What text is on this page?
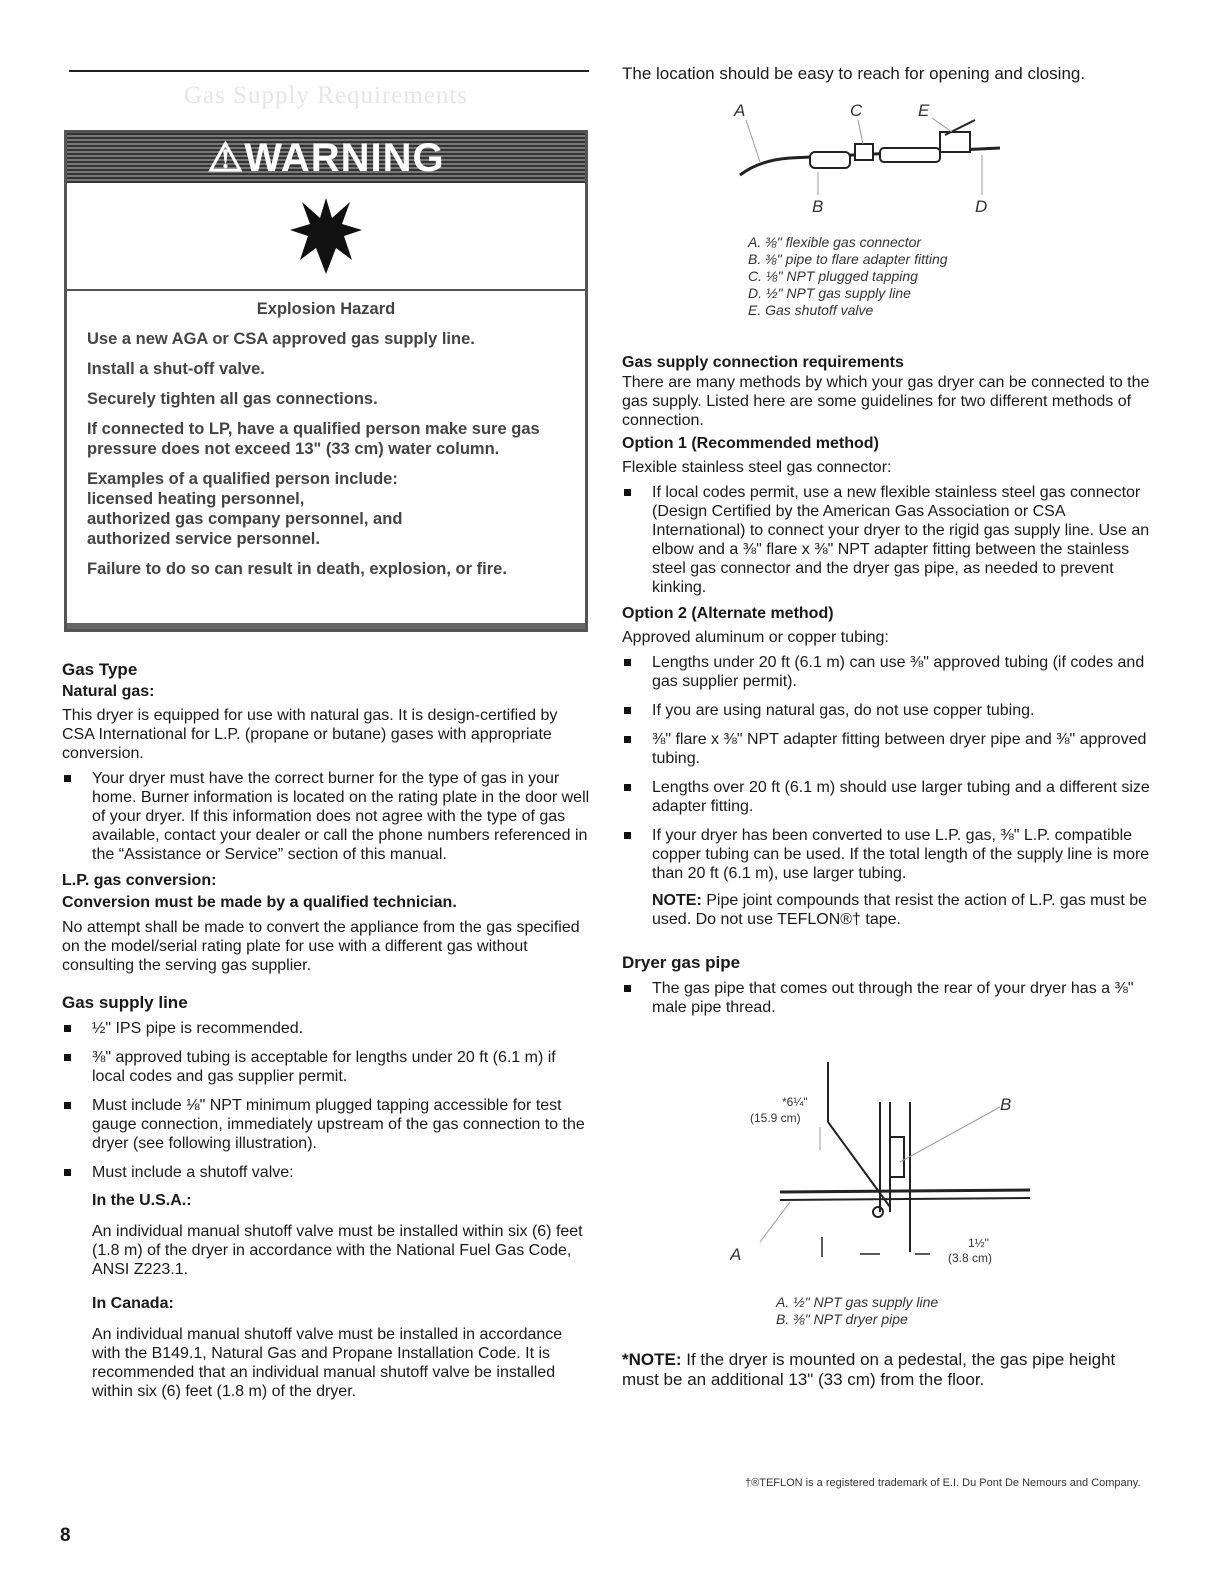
Gas Supply Requirements
⚠WARNING

Explosion Hazard

Use a new AGA or CSA approved gas supply line.

Install a shut-off valve.

Securely tighten all gas connections.

If connected to LP, have a qualified person make sure gas pressure does not exceed 13" (33 cm) water column.

Examples of a qualified person include:

licensed heating personnel,

authorized gas company personnel, and

authorized service personnel.

Failure to do so can result in death, explosion, or fire.

Gas Type
Natural gas:

This dryer is equipped for use with natural gas. It is design-certified by CSA International for L.P. (propane or butane) gases with appropriate conversion.

Your dryer must have the correct burner for the type of gas in your home. Burner information is located on the rating plate in the door well of your dryer. If this information does not agree with the type of gas available, contact your dealer or call the phone numbers referenced in the “Assistance or Service” section of this manual.
L.P. gas conversion:
Conversion must be made by a qualified technician.

No attempt shall be made to convert the appliance from the gas specified on the model/serial rating plate for use with a different gas without consulting the serving gas supplier.

Gas supply line
½" IPS pipe is recommended.
⅜" approved tubing is acceptable for lengths under 20 ft (6.1 m) if local codes and gas supplier permit.
Must include ⅛" NPT minimum plugged tapping accessible for test gauge connection, immediately upstream of the gas connection to the dryer (see following illustration).
Must include a shutoff valve:
In the U.S.A.:

An individual manual shutoff valve must be installed within six (6) feet (1.8 m) of the dryer in accordance with the National Fuel Gas Code, ANSI Z223.1.

In Canada:

An individual manual shutoff valve must be installed in accordance with the B149.1, Natural Gas and Propane Installation Code. It is recommended that an individual manual shutoff valve be installed within six (6) feet (1.8 m) of the dryer.

The location should be easy to reach for opening and closing.

A	C	E
B	D
A. ⅜" flexible gas connector
B. ⅜" pipe to flare adapter fitting
C. ⅛" NPT plugged tapping
D. ½" NPT gas supply line
E. Gas shutoff valve
Gas supply connection requirements

There are many methods by which your gas dryer can be connected to the gas supply. Listed here are some guidelines for two different methods of connection.

Option 1 (Recommended method)

Flexible stainless steel gas connector:

If local codes permit, use a new flexible stainless steel gas connector (Design Certified by the American Gas Association or CSA International) to connect your dryer to the rigid gas supply line. Use an elbow and a ⅜" flare x ⅜" NPT adapter fitting between the stainless steel gas connector and the dryer gas pipe, as needed to prevent kinking.
Option 2 (Alternate method)

Approved aluminum or copper tubing:

Lengths under 20 ft (6.1 m) can use ⅜" approved tubing (if codes and gas supplier permit).
If you are using natural gas, do not use copper tubing.
⅜" flare x ⅜" NPT adapter fitting between dryer pipe and ⅜" approved tubing.
Lengths over 20 ft (6.1 m) should use larger tubing and a different size adapter fitting.
If your dryer has been converted to use L.P. gas, ⅜" L.P. compatible copper tubing can be used. If the total length of the supply line is more than 20 ft (6.1 m), use larger tubing.

NOTE: Pipe joint compounds that resist the action of L.P. gas must be used. Do not use TEFLON®† tape.

Dryer gas pipe
The gas pipe that comes out through the rear of your dryer has a ⅜" male pipe thread.
*6¼"
(15.9 cm)
1½"
(3.8 cm)
A
B
A. ½" NPT gas supply line
B. ⅜" NPT dryer pipe

*NOTE: If the dryer is mounted on a pedestal, the gas pipe height must be an additional 13" (33 cm) from the floor.

†®TEFLON is a registered trademark of E.I. Du Pont De Nemours and Company.
8
